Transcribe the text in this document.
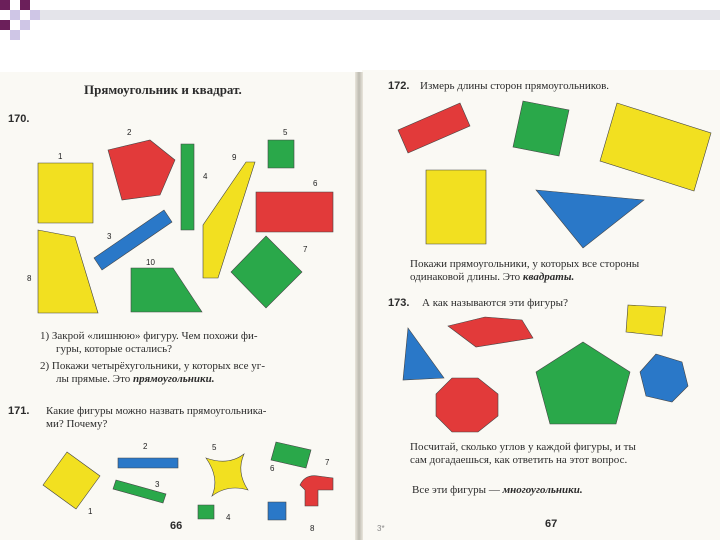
Прямоугольник и квадрат.
170.
1
2
3
4
5
6
7
8
9
10
1) Закрой «лишнюю» фигуру. Чем похожи фи-
гуры, которые остались?
2) Покажи четырёхугольники, у которых все уг-
лы прямые. Это прямоугольники.
171. Какие фигуры можно назвать прямоугольника-
ми? Почему?
1
2
3
4
5
6
7
8
66
172. Измерь длины сторон прямоугольников.
Покажи прямоугольники, у которых все стороны
одинаковой длины. Это квадраты.
173. А как называются эти фигуры?
Посчитай, сколько углов у каждой фигуры, и ты
сам догадаешься, как ответить на этот вопрос.
Все эти фигуры — многоугольники.
3*	67
